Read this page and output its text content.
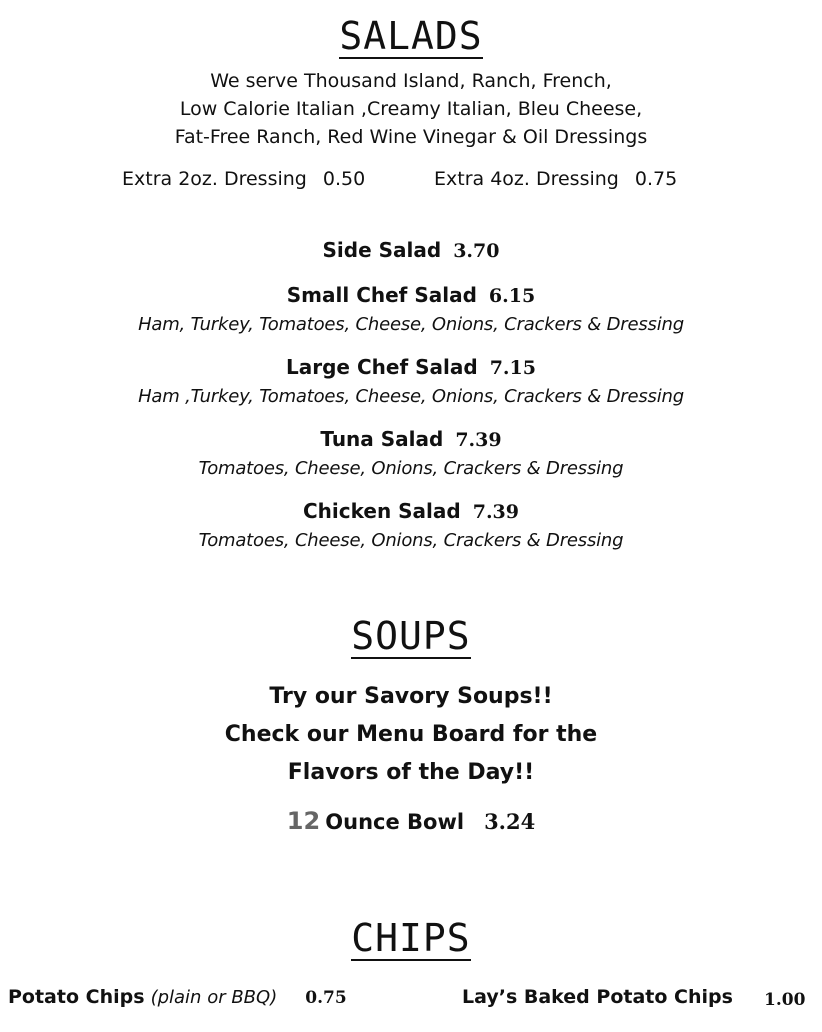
SALADS
We serve Thousand Island, Ranch, French,
Low Calorie Italian ,Creamy Italian, Bleu Cheese,
Fat-Free Ranch, Red Wine Vinegar & Oil Dressings
Extra 2oz. Dressing 0.50	Extra 4oz. Dressing 0.75
Side Salad 3.70
Small Chef Salad 6.15
Ham, Turkey, Tomatoes, Cheese, Onions, Crackers & Dressing
Large Chef Salad 7.15
Ham ,Turkey, Tomatoes, Cheese, Onions, Crackers & Dressing
Tuna Salad 7.39
Tomatoes, Cheese, Onions, Crackers & Dressing
Chicken Salad 7.39
Tomatoes, Cheese, Onions, Crackers & Dressing
SOUPS
Try our Savory Soups!!
Check our Menu Board for the
Flavors of the Day!!
12 Ounce Bowl 3.24
CHIPS
Potato Chips (plain or BBQ) 0.75	Lay’s Baked Potato Chips 1.00
